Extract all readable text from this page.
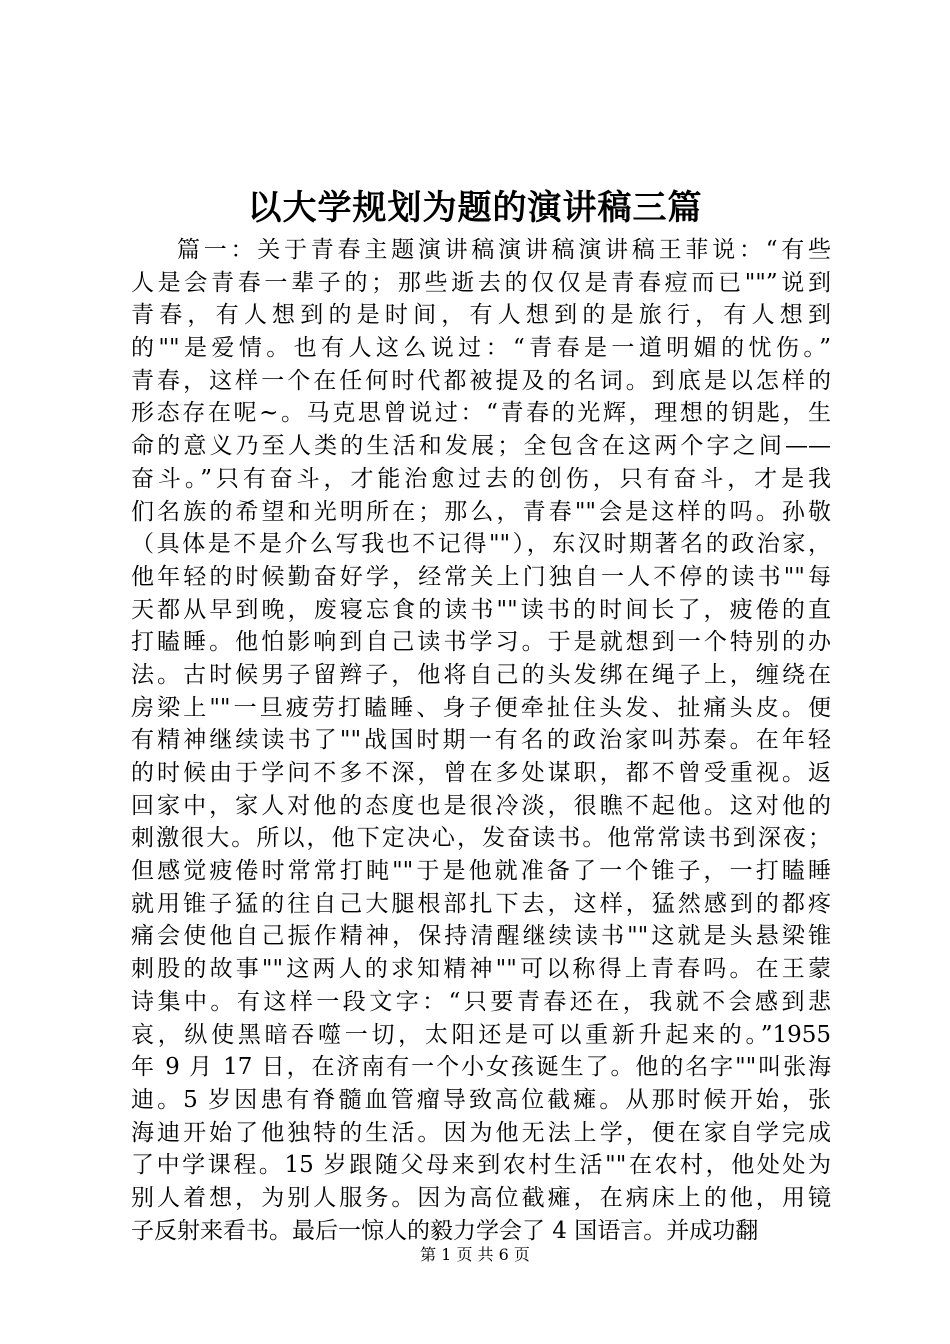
以大学规划为题的演讲稿三篇
篇一：关于青春主题演讲稿演讲稿演讲稿王菲说：“有些
人是会青春一辈子的；那些逝去的仅仅是青春痘而已""”说到
青春，有人想到的是时间，有人想到的是旅行，有人想到
的""是爱情。也有人这么说过：“青春是一道明媚的忧伤。”
青春，这样一个在任何时代都被提及的名词。到底是以怎样的
形态存在呢~。马克思曾说过：“青春的光辉，理想的钥匙，生
命的意义乃至人类的生活和发展；全包含在这两个字之间——
奋斗。”只有奋斗，才能治愈过去的创伤，只有奋斗，才是我
们名族的希望和光明所在；那么，青春""会是这样的吗。孙敬
（具体是不是介么写我也不记得""），东汉时期著名的政治家，
他年轻的时候勤奋好学，经常关上门独自一人不停的读书""每
天都从早到晚，废寝忘食的读书""读书的时间长了，疲倦的直
打瞌睡。他怕影响到自己读书学习。于是就想到一个特别的办
法。古时候男子留辫子，他将自己的头发绑在绳子上，缠绕在
房梁上""一旦疲劳打瞌睡、身子便牵扯住头发、扯痛头皮。便
有精神继续读书了""战国时期一有名的政治家叫苏秦。在年轻
的时候由于学问不多不深，曾在多处谋职，都不曾受重视。返
回家中，家人对他的态度也是很冷淡，很瞧不起他。这对他的
刺激很大。所以，他下定决心，发奋读书。他常常读书到深夜；
但感觉疲倦时常常打盹""于是他就准备了一个锥子，一打瞌睡
就用锥子猛的往自己大腿根部扎下去，这样，猛然感到的都疼
痛会使他自己振作精神，保持清醒继续读书""这就是头悬梁锥
刺股的故事""这两人的求知精神""可以称得上青春吗。在王蒙
诗集中。有这样一段文字：“只要青春还在，我就不会感到悲
哀，纵使黑暗吞噬一切，太阳还是可以重新升起来的。”1955
年 9 月 17 日，在济南有一个小女孩诞生了。他的名字""叫张海
迪。5 岁因患有脊髓血管瘤导致高位截瘫。从那时候开始，张
海迪开始了他独特的生活。因为他无法上学，便在家自学完成
了中学课程。15 岁跟随父母来到农村生活""在农村，他处处为
别人着想，为别人服务。因为高位截瘫，在病床上的他，用镜
子反射来看书。最后一惊人的毅力学会了 4 国语言。并成功翻
第 1 页 共 6 页
